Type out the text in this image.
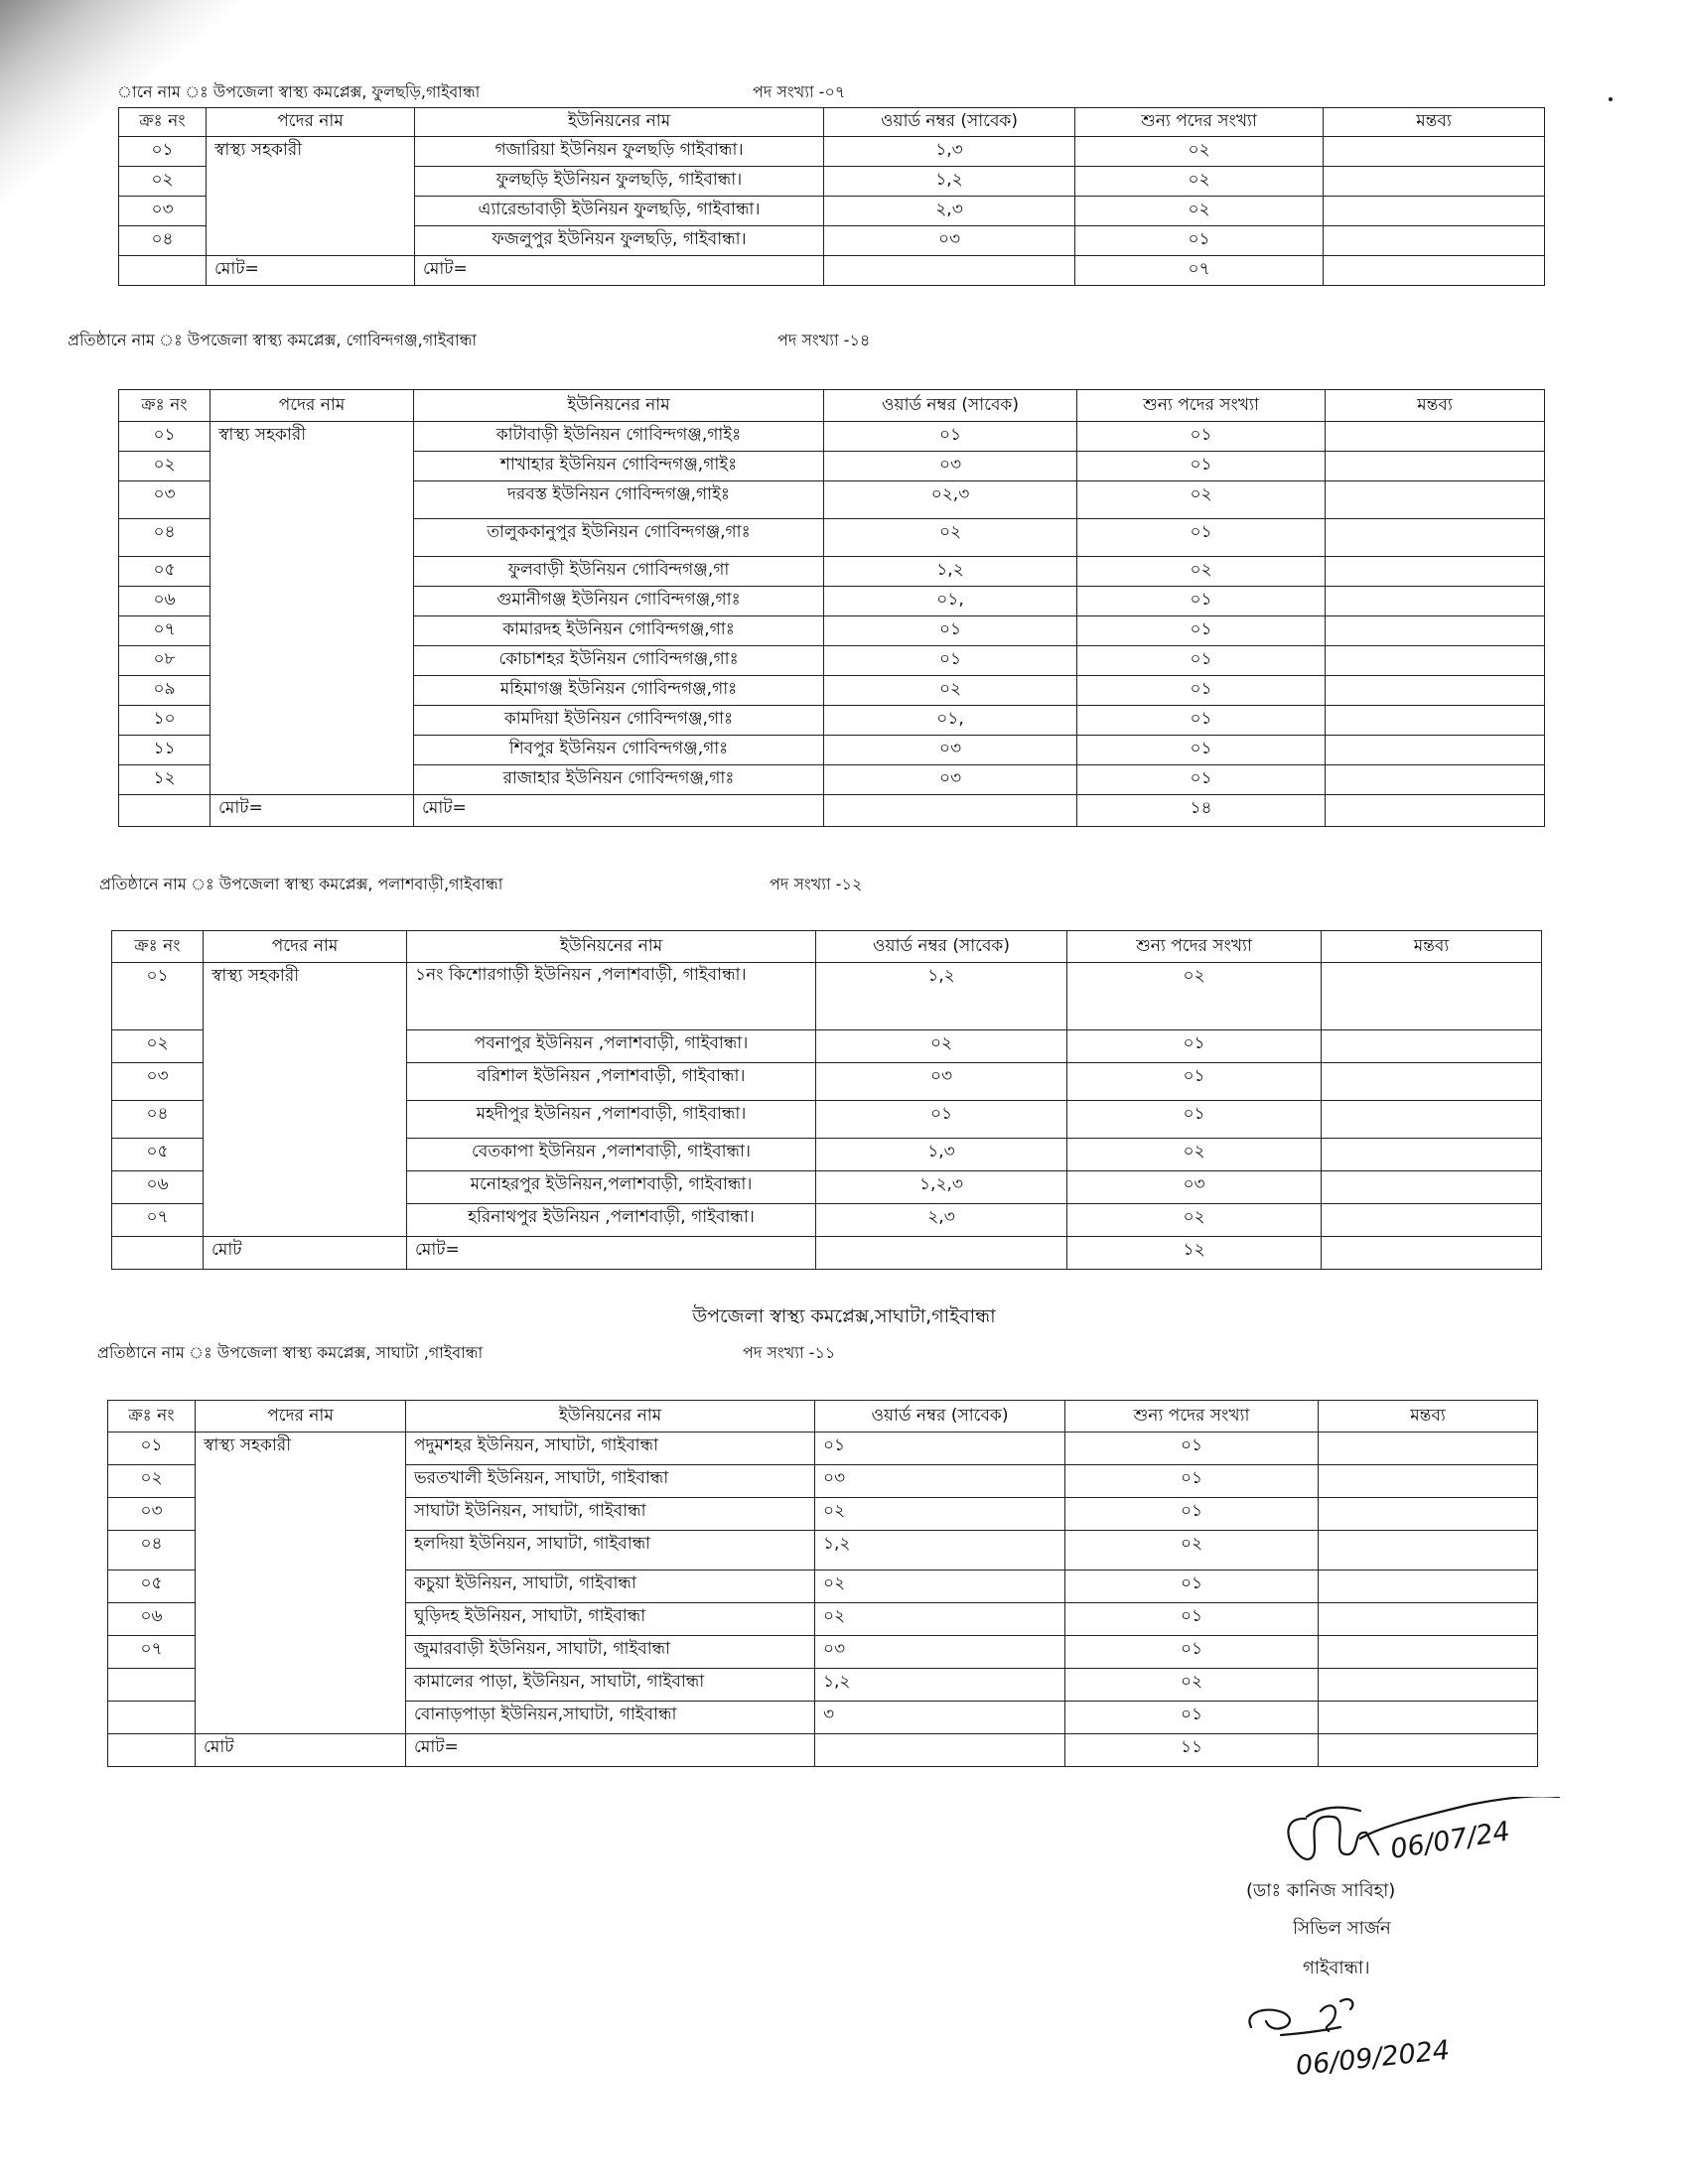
ানে নাম ঃ উপজেলা স্বাস্থ্য কমপ্লেক্স, ফুলছড়ি,গাইবান্ধা	পদ সংখ্যা -০৭
ক্রঃ নং	পদের নাম	ইউনিয়নের নাম	ওয়ার্ড নম্বর (সাবেক)	শুন্য পদের সংখ্যা	মন্তব্য
০১	স্বাস্থ্য সহকারী	গজারিয়া ইউনিয়ন ফুলছড়ি গাইবান্ধা।	১,৩	০২	
০২		ফুলছড়ি ইউনিয়ন ফুলছড়ি, গাইবান্ধা।	১,২	০২	
০৩		এ্যারেন্ডাবাড়ী ইউনিয়ন ফুলছড়ি, গাইবান্ধা।	২,৩	০২	
০৪		ফজলুপুর ইউনিয়ন ফুলছড়ি, গাইবান্ধা।	০৩	০১	
	মোট=	মোট=		০৭	
প্রতিষ্ঠানে নাম ঃ উপজেলা স্বাস্থ্য কমপ্লেক্স, গোবিন্দগঞ্জ,গাইবান্ধা	পদ সংখ্যা -১৪
ক্রঃ নং	পদের নাম	ইউনিয়নের নাম	ওয়ার্ড নম্বর (সাবেক)	শুন্য পদের সংখ্যা	মন্তব্য
০১	স্বাস্থ্য সহকারী	কাটাবাড়ী ইউনিয়ন গোবিন্দগঞ্জ,গাইঃ	০১	০১	
০২		শাখাহার ইউনিয়ন গোবিন্দগঞ্জ,গাইঃ	০৩	০১	
০৩		দরবস্ত ইউনিয়ন গোবিন্দগঞ্জ,গাইঃ	০২,৩	০২	
০৪		তালুককানুপুর ইউনিয়ন গোবিন্দগঞ্জ,গাঃ	০২	০১	
০৫		ফুলবাড়ী ইউনিয়ন গোবিন্দগঞ্জ,গা	১,২	০২	
০৬		গুমানীগঞ্জ ইউনিয়ন গোবিন্দগঞ্জ,গাঃ	০১,	০১	
০৭		কামারদহ ইউনিয়ন গোবিন্দগঞ্জ,গাঃ	০১	০১	
০৮		কোচাশহর ইউনিয়ন গোবিন্দগঞ্জ,গাঃ	০১	০১	
০৯		মহিমাগঞ্জ ইউনিয়ন গোবিন্দগঞ্জ,গাঃ	০২	০১	
১০		কামদিয়া ইউনিয়ন গোবিন্দগঞ্জ,গাঃ	০১,	০১	
১১		শিবপুর ইউনিয়ন গোবিন্দগঞ্জ,গাঃ	০৩	০১	
১২		রাজাহার ইউনিয়ন গোবিন্দগঞ্জ,গাঃ	০৩	০১	
	মোট=	মোট=		১৪	
প্রতিষ্ঠানে নাম ঃ উপজেলা স্বাস্থ্য কমপ্লেক্স, পলাশবাড়ী,গাইবান্ধা	পদ সংখ্যা -১২
ক্রঃ নং	পদের নাম	ইউনিয়নের নাম	ওয়ার্ড নম্বর (সাবেক)	শুন্য পদের সংখ্যা	মন্তব্য
০১	স্বাস্থ্য সহকারী	১নং কিশোরগাড়ী ইউনিয়ন ,পলাশবাড়ী, গাইবান্ধা।	১,২	০২	
০২		পবনাপুর ইউনিয়ন ,পলাশবাড়ী, গাইবান্ধা।	০২	০১	
০৩		বরিশাল ইউনিয়ন ,পলাশবাড়ী, গাইবান্ধা।	০৩	০১	
০৪		মহদীপুর ইউনিয়ন ,পলাশবাড়ী, গাইবান্ধা।	০১	০১	
০৫		বেতকাপা ইউনিয়ন ,পলাশবাড়ী, গাইবান্ধা।	১,৩	০২	
০৬		মনোহরপুর ইউনিয়ন,পলাশবাড়ী, গাইবান্ধা।	১,২,৩	০৩	
০৭		হরিনাথপুর ইউনিয়ন ,পলাশবাড়ী, গাইবান্ধা।	২,৩	০২	
	মোট	মোট=		১২	
উপজেলা স্বাস্থ্য কমপ্লেক্স,সাঘাটা,গাইবান্ধা
প্রতিষ্ঠানে নাম ঃ উপজেলা স্বাস্থ্য কমপ্লেক্স, সাঘাটা ,গাইবান্ধা	পদ সংখ্যা -১১
ক্রঃ নং	পদের নাম	ইউনিয়নের নাম	ওয়ার্ড নম্বর (সাবেক)	শুন্য পদের সংখ্যা	মন্তব্য
০১	স্বাস্থ্য সহকারী	পদুমশহর ইউনিয়ন, সাঘাটা, গাইবান্ধা	০১	০১	
০২		ভরতখালী ইউনিয়ন, সাঘাটা, গাইবান্ধা	০৩	০১	
০৩		সাঘাটা ইউনিয়ন, সাঘাটা, গাইবান্ধা	০২	০১	
০৪		হলদিয়া ইউনিয়ন, সাঘাটা, গাইবান্ধা	১,২	০২	
০৫		কচুয়া ইউনিয়ন, সাঘাটা, গাইবান্ধা	০২	০১	
০৬		ঘুড়িদহ ইউনিয়ন, সাঘাটা, গাইবান্ধা	০২	০১	
০৭		জুমারবাড়ী ইউনিয়ন, সাঘাটা, গাইবান্ধা	০৩	০১	
		কামালের পাড়া, ইউনিয়ন, সাঘাটা, গাইবান্ধা	১,২	০২	
		বোনাড়পাড়া ইউনিয়ন,সাঘাটা, গাইবান্ধা	৩	০১	
	মোট	মোট=		১১	
06/07/24
06/09/2024
(ডাঃ কানিজ সাবিহা)
সিভিল সার্জন
গাইবান্ধা।
